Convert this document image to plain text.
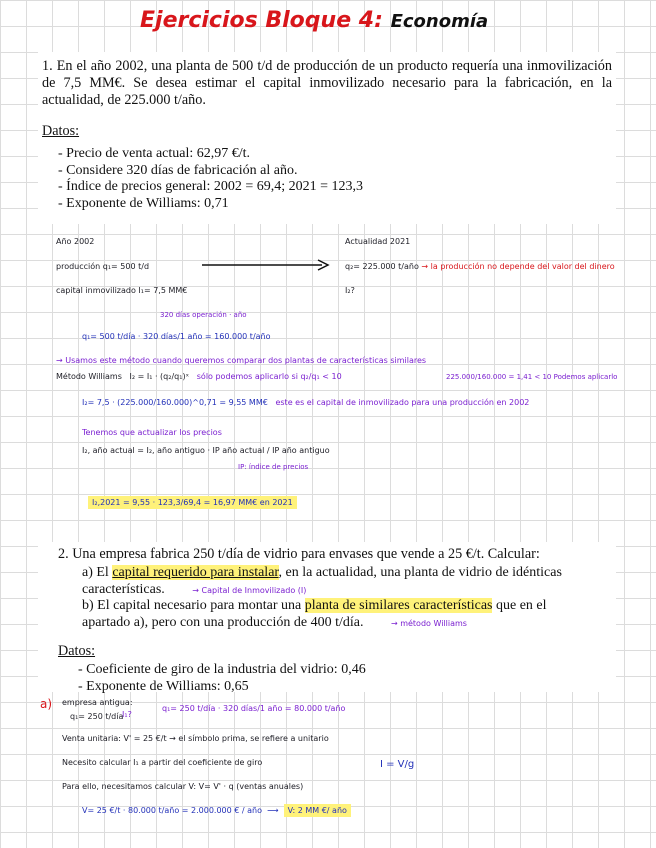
Ejercicios Bloque 4: Economía
1. En el año 2002, una planta de 500 t/d de producción de un producto requería una inmovilización de 7,5 MM€. Se desea estimar el capital inmovilizado necesario para la fabricación, en la actualidad, de 225.000 t/año.
Datos:
- Precio de venta actual: 62,97 €/t.
- Considere 320 días de fabricación al año.
- Índice de precios general: 2002 = 69,4; 2021 = 123,3
- Exponente de Williams: 0,71
Año 2002	Actualidad 2021
producción q₁= 500 t/d	q₂= 225.000 t/año → la producción no depende del valor del dinero
capital inmovilizado I₁= 7,5 MM€	I₂?
320 días operación · año
q₁= 500 t/día · 320 días/1 año = 160.000 t/año
→ Usamos este método cuando queremos comparar dos plantas de características similares
Método Williams I₂ = I₁ · (q₂/q₁)ˣ sólo podemos aplicarlo si q₂/q₁ < 10	225.000/160.000 = 1,41 < 10 Podemos aplicarlo
I₂= 7,5 · (225.000/160.000)^0,71 = 9,55 MM€ este es el capital de inmovilizado para una producción en 2002
Tenemos que actualizar los precios
I₂, año actual = I₂, año antiguo · IP año actual / IP año antiguo
IP: índice de precios
I₂,2021 = 9,55 · 123,3/69,4 = 16,97 MM€ en 2021
2. Una empresa fabrica 250 t/día de vidrio para envases que vende a 25 €/t. Calcular:
a) El capital requerido para instalar, en la actualidad, una planta de vidrio de idénticas características.	→ Capital de Inmovilizado (I)
b) El capital necesario para montar una planta de similares características que en el apartado a), pero con una producción de 400 t/día.	→ método Williams
Datos:
- Coeficiente de giro de la industria del vidrio: 0,46
- Exponente de Williams: 0,65
a) empresa antigua:
q₁= 250 t/día
I₁?
q₁= 250 t/día · 320 días/1 año = 80.000 t/año
Venta unitaria: V' = 25 €/t → el símbolo prima, se refiere a unitario
Necesito calcular I₁ a partir del coeficiente de giro	I = V/g
Para ello, necesitamos calcular V: V= V' · q (ventas anuales)
V= 25 €/t · 80.000 t/año = 2.000.000 € / año  ⟶  V: 2 MM €/ año
